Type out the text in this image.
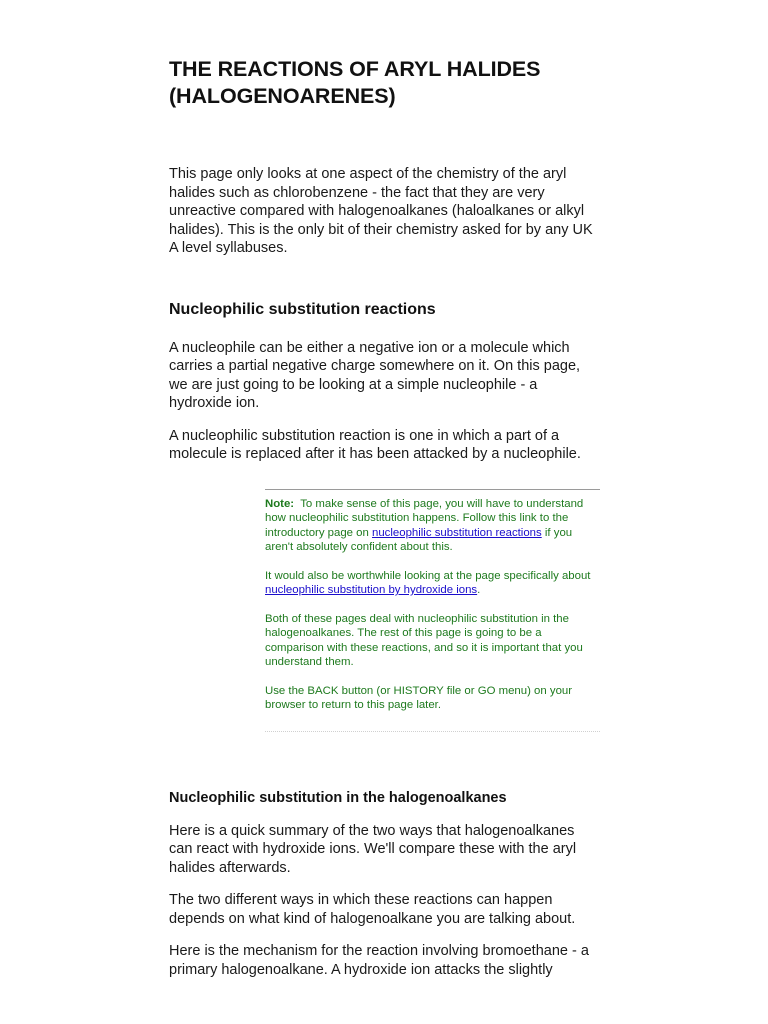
THE REACTIONS OF ARYL HALIDES
(HALOGENOARENES)

This page only looks at one aspect of the chemistry of the aryl halides such as chlorobenzene - the fact that they are very unreactive compared with halogenoalkanes (haloalkanes or alkyl halides). This is the only bit of their chemistry asked for by any UK A level syllabuses.

Nucleophilic substitution reactions

A nucleophile can be either a negative ion or a molecule which carries a partial negative charge somewhere on it. On this page, we are just going to be looking at a simple nucleophile - a hydroxide ion.

A nucleophilic substitution reaction is one in which a part of a molecule is replaced after it has been attacked by a nucleophile.

Note: To make sense of this page, you will have to understand how nucleophilic substitution happens. Follow this link to the introductory page on nucleophilic substitution reactions if you aren't absolutely confident about this.

It would also be worthwhile looking at the page specifically about nucleophilic substitution by hydroxide ions.

Both of these pages deal with nucleophilic substitution in the halogenoalkanes. The rest of this page is going to be a comparison with these reactions, and so it is important that you understand them.

Use the BACK button (or HISTORY file or GO menu) on your browser to return to this page later.

Nucleophilic substitution in the halogenoalkanes

Here is a quick summary of the two ways that halogenoalkanes can react with hydroxide ions. We'll compare these with the aryl halides afterwards.

The two different ways in which these reactions can happen depends on what kind of halogenoalkane you are talking about.

Here is the mechanism for the reaction involving bromoethane - a primary halogenoalkane. A hydroxide ion attacks the slightly
